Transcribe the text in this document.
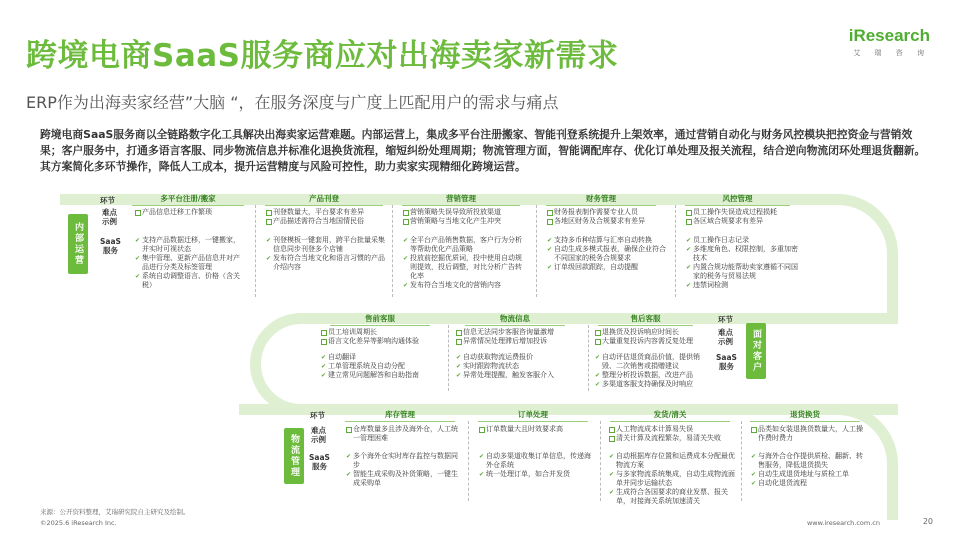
跨境电商SaaS服务商应对出海卖家新需求
ERP作为出海卖家经营”大脑 “，在服务深度与广度上匹配用户的需求与痛点
iResearch
艾 瑞 咨 询
跨境电商SaaS服务商以全链路数字化工具解决出海卖家运营难题。内部运营上，集成多平台注册搬家、智能刊登系统提升上架效率，通过营销自动化与财务风控模块把控资金与营销效果；客户服务中，打通多语言客服、同步物流信息并标准化退换货流程，缩短纠纷处理周期；物流管理方面，智能调配库存、优化订单处理及报关流程，结合逆向物流闭环处理退货翻新。其方案简化多环节操作，降低人工成本，提升运营精度与风险可控性，助力卖家实现精细化跨境运营。
内部运营
面对客户
物流管理
环节
难点
示例
SaaS
服务
多平台注册/搬家
产品信息迁移工作繁琐
✔ 支持产品数据迁移，一键搬家，并实时可视状态
✔ 集中管理、更新产品信息并对产品进行分类及标签管理
✔ 系统自动调整语言、价格（含关税）
产品刊登
刊登数量大，平台要求有差异
产品描述需符合当地国情民俗
✔ 刊登模板一键套用，跨平台批量采集信息同步刊登多个店铺
✔ 发布符合当地文化和语言习惯的产品介绍内容
营销管理
营销策略失误导致所投放渠道
营销策略与当地文化产生冲突
✔ 全平台产品销售数据，客户行为分析等帮助优化产品策略
✔ 投放前挖掘优质词，投中使用自动规则提效，投后调整，对比分析广告转化率
✔ 发布符合当地文化的营销内容
财务管理
财务报表制作需要专业人员
各地区财务及合规要求有差异
✔ 支持多币种结算与汇率自动转换
✔ 自动生成多模式报表，确保企业符合不同国家的税务合规要求
✔ 订单级回款跟踪，自动提醒
风控管理
员工操作失误造成过程损耗
各区域合规要求有差异
✔ 员工操作日志记录
✔ 多维度角色、权限控制，多重加密技术
✔ 内置合规功能帮助卖家遵循不同国家的税务与贸易法规
✔ 违禁词检测
售前客服
员工培训周期长
语言文化差异等影响沟通体验
✔ 自动翻译
✔ 工单管理系统及自动分配
✔ 建立常见问题解答和自助指南
物流信息
信息无法同步客服咨询量激增
异常情况处理滞后增加投诉
✔ 自动获取物流运费报价
✔ 实时跟踪物流状态
✔ 异常处理提醒，触发客服介入
售后客服
退换货及投诉响应时间长
大量重复投诉内容需反复处理
✔ 自动评估退货商品价值，提供销毁、二次销售或捐赠建议
✔ 整理分析投诉数据，改进产品
✔ 多渠道客服支持确保及时响应
环节
难点
示例
SaaS
服务
环节
难点
示例
SaaS
服务
库存管理
仓库数量多且涉及海外仓，人工统一管理困难
✔ 多个海外仓实时库存监控与数据同步
✔ 智能生成采购及补货策略，一键生成采购单
订单处理
订单数量大且时效要求高
✔ 自动多渠道收集订单信息，传递海外仓系统
✔ 统一处理订单，如合并发货
发货/清关
人工物流成本计算易失误
清关计算及流程繁杂，易清关失败
✔ 自动根据库存位置和运费成本分配最优物流方案
✔ 与多家物流系统集成，自动生成物流面单并同步运输状态
✔ 生成符合各国要求的商业发票、报关单，对接海关系统加速清关
退货换货
品类如女装退换货数量大，人工操作费时费力
✔ 与海外合仓作提供质检、翻新、转售服务，降低退货损失
✔ 自动生成退货地址与质检工单
✔ 自动化退货流程
来源：公开资料整理，艾瑞研究院自主研究及绘制。
©2025.6 iResearch Inc.	www.iresearch.com.cn	20
